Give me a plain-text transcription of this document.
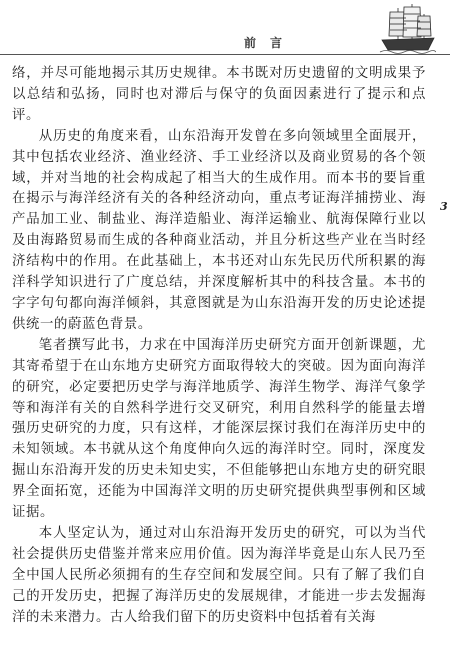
前言
3

络，并尽可能地揭示其历史规律。本书既对历史遗留的文明成果予以总结和弘扬，同时也对滞后与保守的负面因素进行了提示和点评。

从历史的角度来看，山东沿海开发曾在多向领域里全面展开，其中包括农业经济、渔业经济、手工业经济以及商业贸易的各个领域，并对当地的社会构成起了相当大的生成作用。而本书的要旨重在揭示与海洋经济有关的各种经济动向，重点考证海洋捕捞业、海产品加工业、制盐业、海洋造船业、海洋运输业、航海保障行业以及由海路贸易而生成的各种商业活动，并且分析这些产业在当时经济结构中的作用。在此基础上，本书还对山东先民历代所积累的海洋科学知识进行了广度总结，并深度解析其中的科技含量。本书的字字句句都向海洋倾斜，其意图就是为山东沿海开发的历史论述提供统一的蔚蓝色背景。

笔者撰写此书，力求在中国海洋历史研究方面开创新课题，尤其寄希望于在山东地方史研究方面取得较大的突破。因为面向海洋的研究，必定要把历史学与海洋地质学、海洋生物学、海洋气象学等和海洋有关的自然科学进行交叉研究，利用自然科学的能量去增强历史研究的力度，只有这样，才能深层探讨我们在海洋历史中的未知领域。本书就从这个角度伸向久远的海洋时空。同时，深度发掘山东沿海开发的历史未知史实，不但能够把山东地方史的研究眼界全面拓宽，还能为中国海洋文明的历史研究提供典型事例和区域证据。

本人坚定认为，通过对山东沿海开发历史的研究，可以为当代社会提供历史借鉴并常来应用价值。因为海洋毕竟是山东人民乃至全中国人民所必须拥有的生存空间和发展空间。只有了解了我们自己的开发历史，把握了海洋历史的发展规律，才能进一步去发掘海洋的未来潜力。古人给我们留下的历史资料中包括着有关海
